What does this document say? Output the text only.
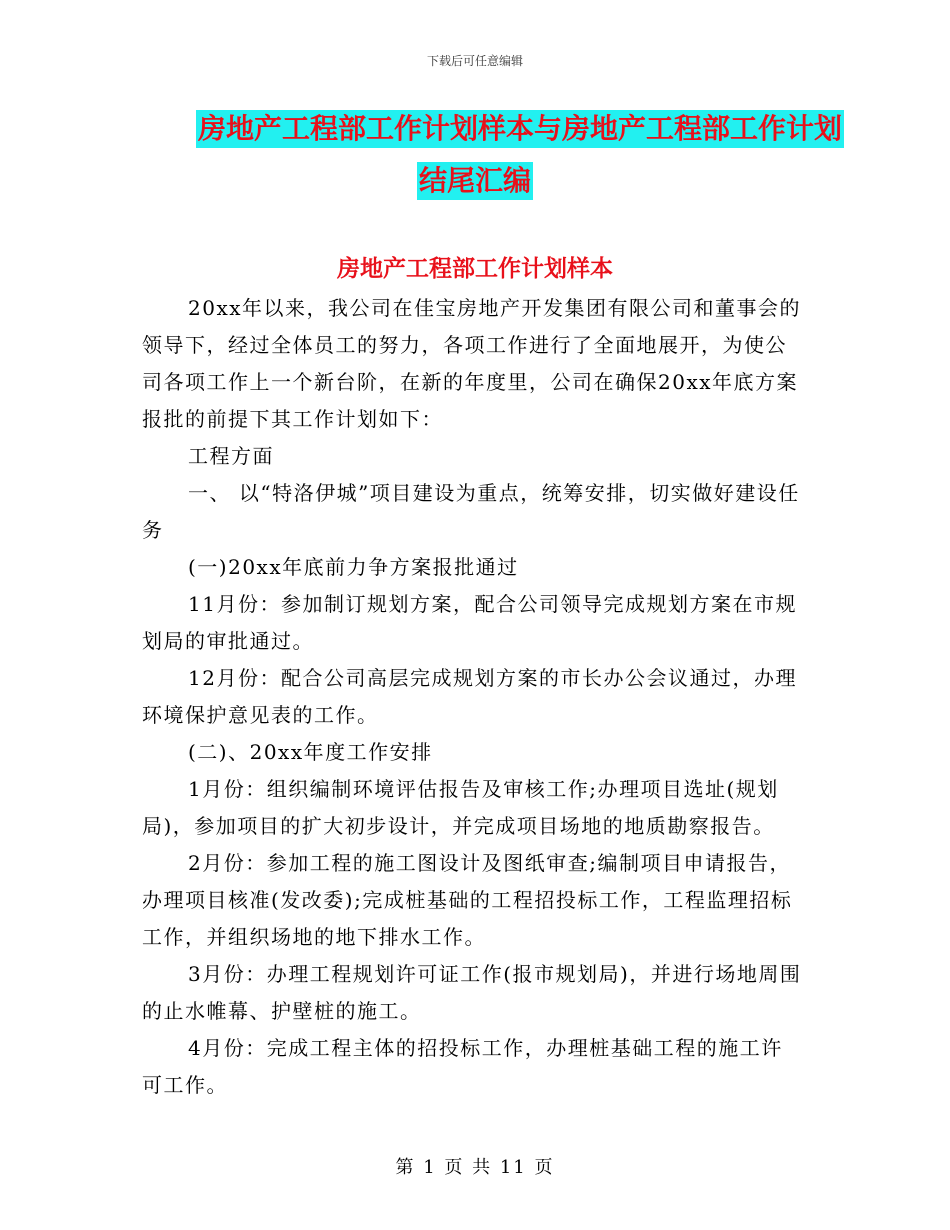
下载后可任意编辑
房地产工程部工作计划样本与房地产工程部工作计划
结尾汇编
房地产工程部工作计划样本

20xx年以来，我公司在佳宝房地产开发集团有限公司和董事会的领导下，经过全体员工的努力，各项工作进行了全面地展开，为使公司各项工作上一个新台阶，在新的年度里，公司在确保20xx年底方案报批的前提下其工作计划如下：

工程方面

一、 以“特洛伊城”项目建设为重点，统筹安排，切实做好建设任务

(一)20xx年底前力争方案报批通过

11月份：参加制订规划方案，配合公司领导完成规划方案在市规划局的审批通过。

12月份：配合公司高层完成规划方案的市长办公会议通过，办理环境保护意见表的工作。

(二)、20xx年度工作安排

1月份：组织编制环境评估报告及审核工作;办理项目选址(规划局)，参加项目的扩大初步设计，并完成项目场地的地质勘察报告。

2月份：参加工程的施工图设计及图纸审查;编制项目申请报告，办理项目核准(发改委);完成桩基础的工程招投标工作，工程监理招标工作，并组织场地的地下排水工作。

3月份：办理工程规划许可证工作(报市规划局)，并进行场地周围的止水帷幕、护壁桩的施工。

4月份：完成工程主体的招投标工作，办理桩基础工程的施工许可工作。

第 1 页 共 11 页
